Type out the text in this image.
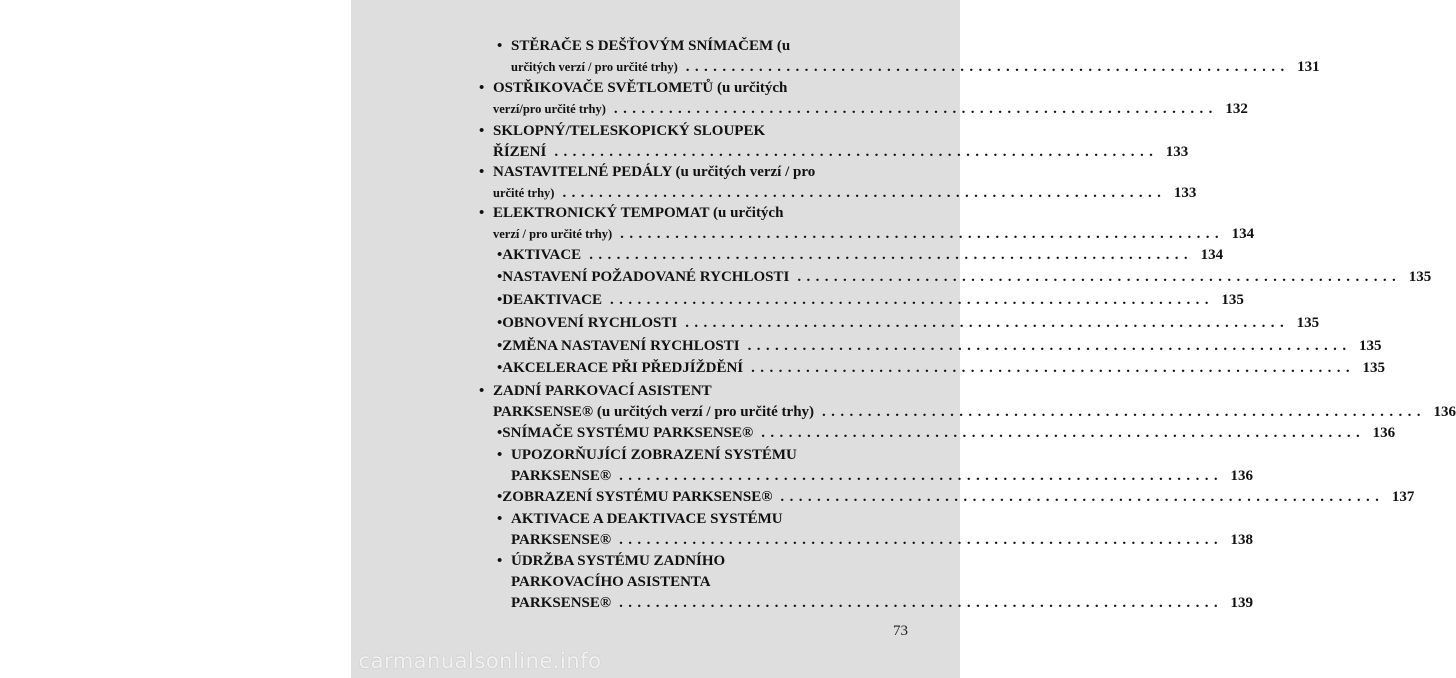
• STĚRAČE S DEŠŤOVÝM SNÍMAČEM (u
určitých verzí / pro určité trhy) .................................................................. 131
• OSTŘIKOVAČE SVĚTLOMETŮ (u určitých
verzí/pro určité trhy) .................................................................. 132
• SKLOPNÝ/TELESKOPICKÝ SLOUPEK
ŘÍZENÍ .................................................................. 133
• NASTAVITELNÉ PEDÁLY (u určitých verzí / pro
určité trhy) .................................................................. 133
• ELEKTRONICKÝ TEMPOMAT (u určitých
verzí / pro určité trhy) .................................................................. 134
• AKTIVACE .................................................................. 134
• NASTAVENÍ POŽADOVANÉ RYCHLOSTI .................................................................. 135
• DEAKTIVACE .................................................................. 135
• OBNOVENÍ RYCHLOSTI .................................................................. 135
• ZMĚNA NASTAVENÍ RYCHLOSTI .................................................................. 135
• AKCELERACE PŘI PŘEDJÍŽDĚNÍ .................................................................. 135
• ZADNÍ PARKOVACÍ ASISTENT
PARKSENSE® (u určitých verzí / pro určité trhy) .................................................................. 136
• SNÍMAČE SYSTÉMU PARKSENSE® .................................................................. 136
• UPOZORŇUJÍCÍ ZOBRAZENÍ SYSTÉMU
PARKSENSE® .................................................................. 136
• ZOBRAZENÍ SYSTÉMU PARKSENSE® .................................................................. 137
• AKTIVACE A DEAKTIVACE SYSTÉMU
PARKSENSE® .................................................................. 138
• ÚDRŽBA SYSTÉMU ZADNÍHO
PARKOVACÍHO ASISTENTA
PARKSENSE® .................................................................. 139
73
carmanualsonline.info
